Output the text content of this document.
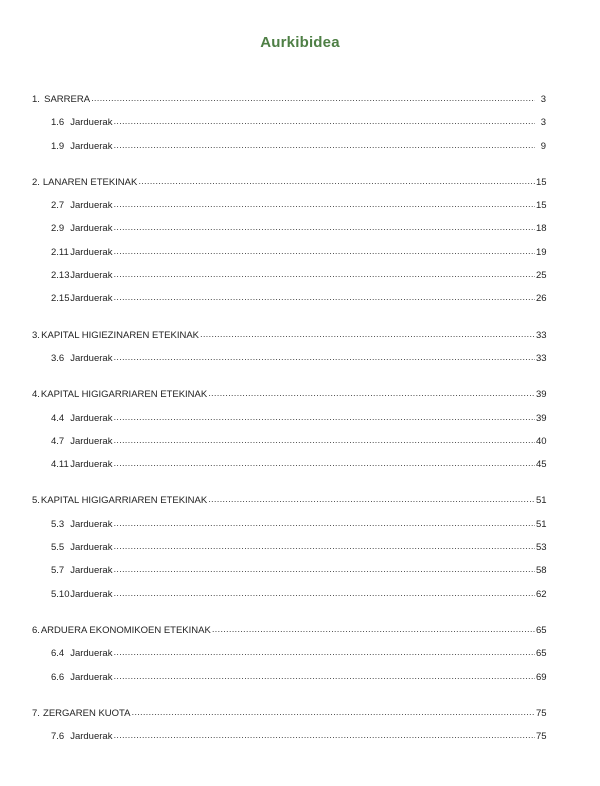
Aurkibidea
1. SARRERA .....	3
1.6 Jarduerak .....	3
1.9 Jarduerak .....	9
2. LANAREN ETEKINAK .....	15
2.7 Jarduerak .....	15
2.9 Jarduerak .....	18
2.11 Jarduerak .....	19
2.13 Jarduerak .....	25
2.15 Jarduerak .....	26
3. KAPITAL HIGIEZINAREN ETEKINAK .....	33
3.6 Jarduerak .....	33
4. KAPITAL HIGIGARRIAREN ETEKINAK .....	39
4.4 Jarduerak .....	39
4.7 Jarduerak .....	40
4.11 Jarduerak .....	45
5. KAPITAL HIGIGARRIAREN ETEKINAK .....	51
5.3 Jarduerak .....	51
5.5 Jarduerak .....	53
5.7 Jarduerak .....	58
5.10 Jarduerak .....	62
6. ARDUERA EKONOMIKOEN ETEKINAK .....	65
6.4 Jarduerak .....	65
6.6 Jarduerak .....	69
7. ZERGAREN KUOTA .....	75
7.6 Jarduerak .....	75
